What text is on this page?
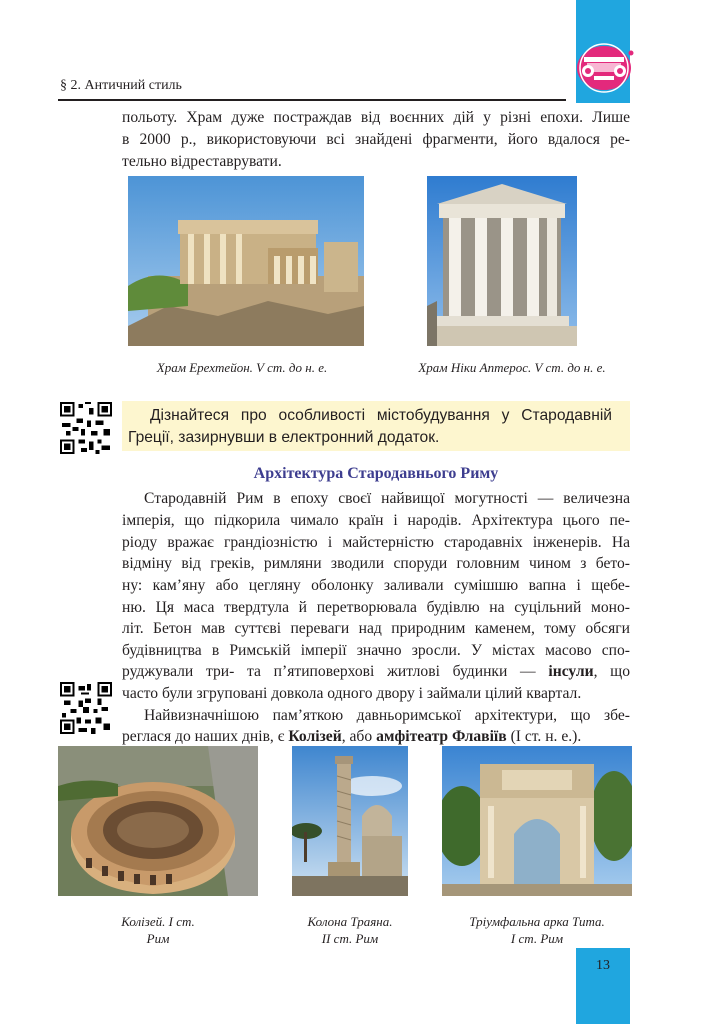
§ 2. Античний стиль

польоту. Храм дуже постраждав від воєнних дій у різні епохи. Лише

в 2000 р., використовуючи всі знайдені фрагменти, його вдалося ре-

тельно відреставрувати.

Храм Ерехтейон. V ст. до н. е.	Храм Ніки Аптерос. V ст. до н. е.

Дізнайтеся про особливості містобудування у Стародавній Греції, зазирнувши в електронний додаток.

Архітектура Стародавнього Риму

Стародавній Рим в епоху своєї найвищої могутності — величезна

імперія, що підкорила чимало країн і народів. Архітектура цього пе-

ріоду вражає грандіозністю і майстерністю стародавніх інженерів. На

відміну від греків, римляни зводили споруди головним чином з бето-

ну: кам’яну або цегляну оболонку заливали сумішшю вапна і щебе-

ню. Ця маса твердтула й перетворювала будівлю на суцільний моно-

літ. Бетон мав суттєві переваги над природним каменем, тому обсяги

будівництва в Римській імперії значно зросли. У містах масово спо-

руджували три- та п’ятиповерхові житлові будинки — інсули, що

часто були згруповані довкола одного двору і займали цілий квартал.

Найвизначнішою пам’яткою давньоримської архітектури, що збе-

реглася до наших днів, є Колізей, або амфітеатр Флавіїв (І ст. н. е.).

Колізей. І ст.
Рим

Колона Траяна.
ІІ ст. Рим

Тріумфальна арка Тита.
І ст. Рим

13
